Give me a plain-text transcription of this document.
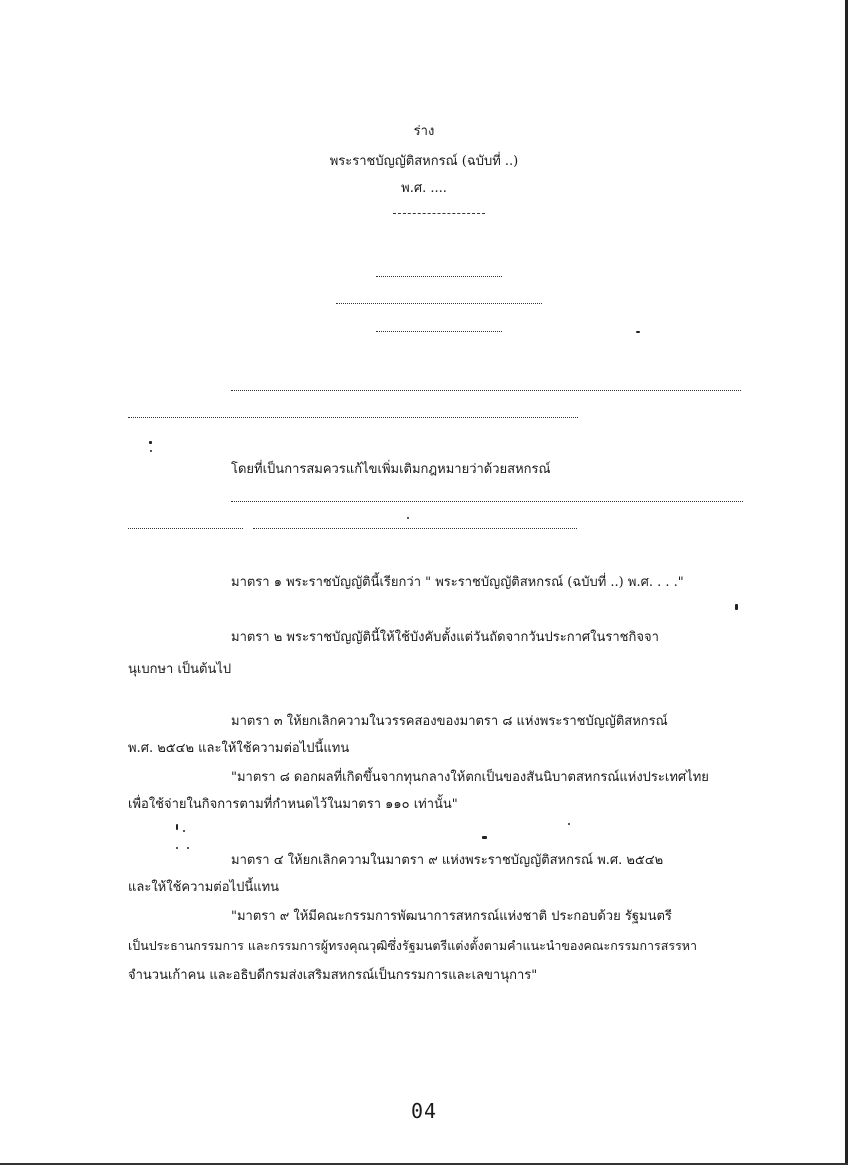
ร่าง
พระราชบัญญัติสหกรณ์ (ฉบับที่ ..)
พ.ศ. ....
โดยที่เป็นการสมควรแก้ไขเพิ่มเติมกฎหมายว่าด้วยสหกรณ์
มาตรา ๑ พระราชบัญญัตินี้เรียกว่า " พระราชบัญญัติสหกรณ์ (ฉบับที่ ..) พ.ศ. . . ."
มาตรา ๒ พระราชบัญญัตินี้ให้ใช้บังคับตั้งแต่วันถัดจากวันประกาศในราชกิจจา
นุเบกษา เป็นต้นไป
มาตรา ๓ ให้ยกเลิกความในวรรคสองของมาตรา ๘ แห่งพระราชบัญญัติสหกรณ์
พ.ศ. ๒๕๔๒ และให้ใช้ความต่อไปนี้แทน
"มาตรา ๘ ดอกผลที่เกิดขึ้นจากทุนกลางให้ตกเป็นของสันนิบาตสหกรณ์แห่งประเทศไทย
เพื่อใช้จ่ายในกิจการตามที่กำหนดไว้ในมาตรา ๑๑๐ เท่านั้น"
มาตรา ๔ ให้ยกเลิกความในมาตรา ๙ แห่งพระราชบัญญัติสหกรณ์ พ.ศ. ๒๕๔๒
และให้ใช้ความต่อไปนี้แทน
"มาตรา ๙ ให้มีคณะกรรมการพัฒนาการสหกรณ์แห่งชาติ ประกอบด้วย รัฐมนตรี
เป็นประธานกรรมการ และกรรมการผู้ทรงคุณวุฒิซึ่งรัฐมนตรีแต่งตั้งตามคำแนะนำของคณะกรรมการสรรหา
จำนวนเก้าคน และอธิบดีกรมส่งเสริมสหกรณ์เป็นกรรมการและเลขานุการ"
04
